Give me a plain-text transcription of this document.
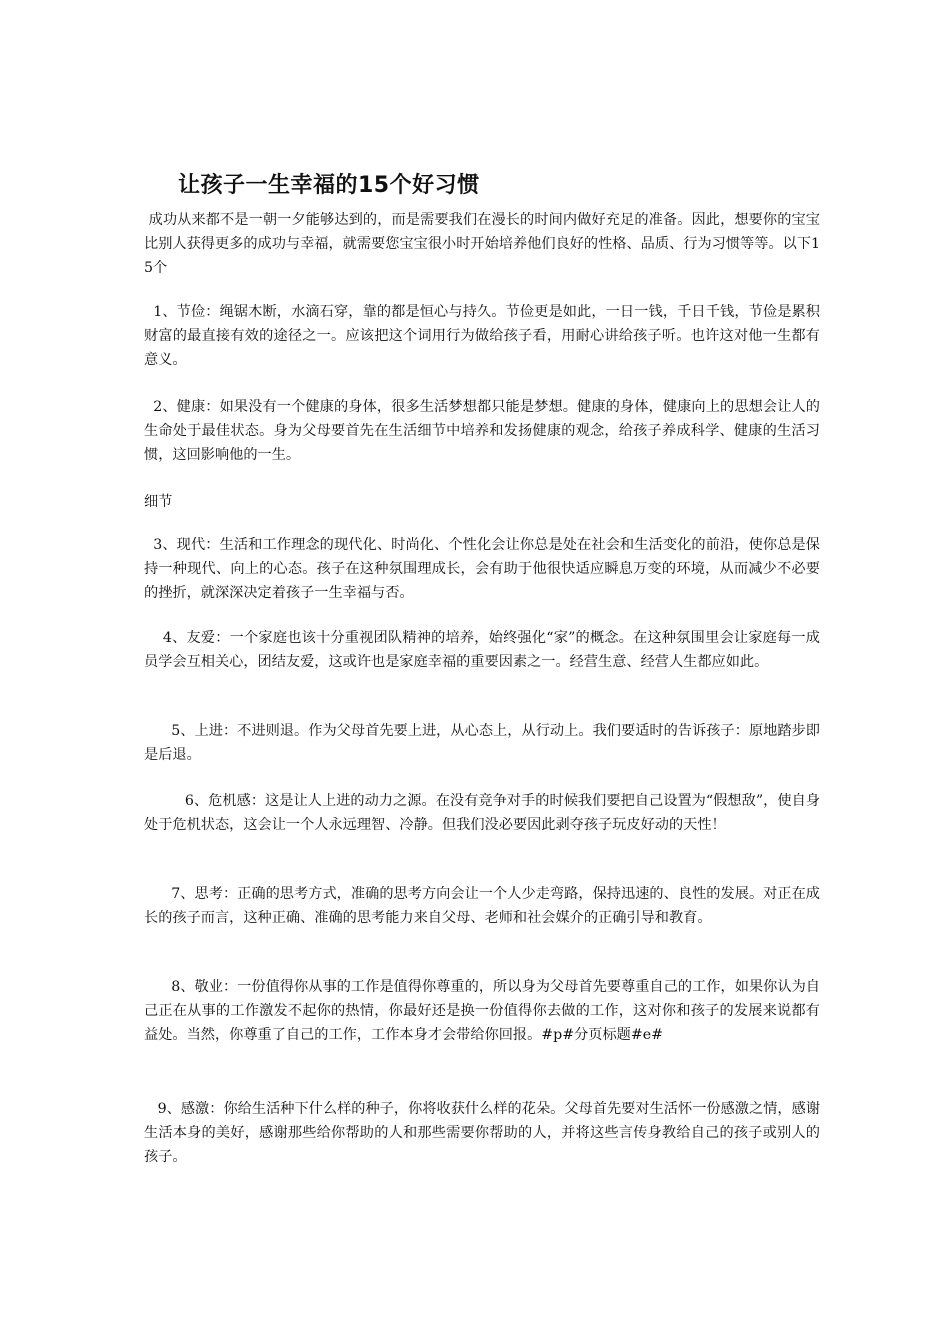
让孩子一生幸福的15个好习惯

成功从来都不是一朝一夕能够达到的，而是需要我们在漫长的时间内做好充足的准备。因此，想要你的宝宝比别人获得更多的成功与幸福，就需要您宝宝很小时开始培养他们良好的性格、品质、行为习惯等等。以下15个

1、节俭：绳锯木断，水滴石穿，靠的都是恒心与持久。节俭更是如此，一日一钱，千日千钱，节俭是累积财富的最直接有效的途径之一。应该把这个词用行为做给孩子看，用耐心讲给孩子听。也许这对他一生都有意义。

2、健康：如果没有一个健康的身体，很多生活梦想都只能是梦想。健康的身体，健康向上的思想会让人的生命处于最佳状态。身为父母要首先在生活细节中培养和发扬健康的观念，给孩子养成科学、健康的生活习惯，这回影响他的一生。

细节

3、现代：生活和工作理念的现代化、时尚化、个性化会让你总是处在社会和生活变化的前沿，使你总是保持一种现代、向上的心态。孩子在这种氛围理成长，会有助于他很快适应瞬息万变的环境，从而减少不必要的挫折，就深深决定着孩子一生幸福与否。

4、友爱：一个家庭也该十分重视团队精神的培养，始终强化“家”的概念。在这种氛围里会让家庭每一成员学会互相关心，团结友爱，这或许也是家庭幸福的重要因素之一。经营生意、经营人生都应如此。

5、上进：不进则退。作为父母首先要上进，从心态上，从行动上。我们要适时的告诉孩子：原地踏步即是后退。

6、危机感：这是让人上进的动力之源。在没有竞争对手的时候我们要把自己设置为“假想敌”，使自身处于危机状态，这会让一个人永远理智、冷静。但我们没必要因此剥夺孩子玩皮好动的天性！

7、思考：正确的思考方式，准确的思考方向会让一个人少走弯路，保持迅速的、良性的发展。对正在成长的孩子而言，这种正确、准确的思考能力来自父母、老师和社会媒介的正确引导和教育。

8、敬业：一份值得你从事的工作是值得你尊重的，所以身为父母首先要尊重自己的工作，如果你认为自己正在从事的工作激发不起你的热情，你最好还是换一份值得你去做的工作，这对你和孩子的发展来说都有益处。当然，你尊重了自己的工作，工作本身才会带给你回报。#p#分页标题#e#

9、感激：你给生活种下什么样的种子，你将收获什么样的花朵。父母首先要对生活怀一份感激之情，感谢生活本身的美好，感谢那些给你帮助的人和那些需要你帮助的人，并将这些言传身教给自己的孩子或别人的孩子。
